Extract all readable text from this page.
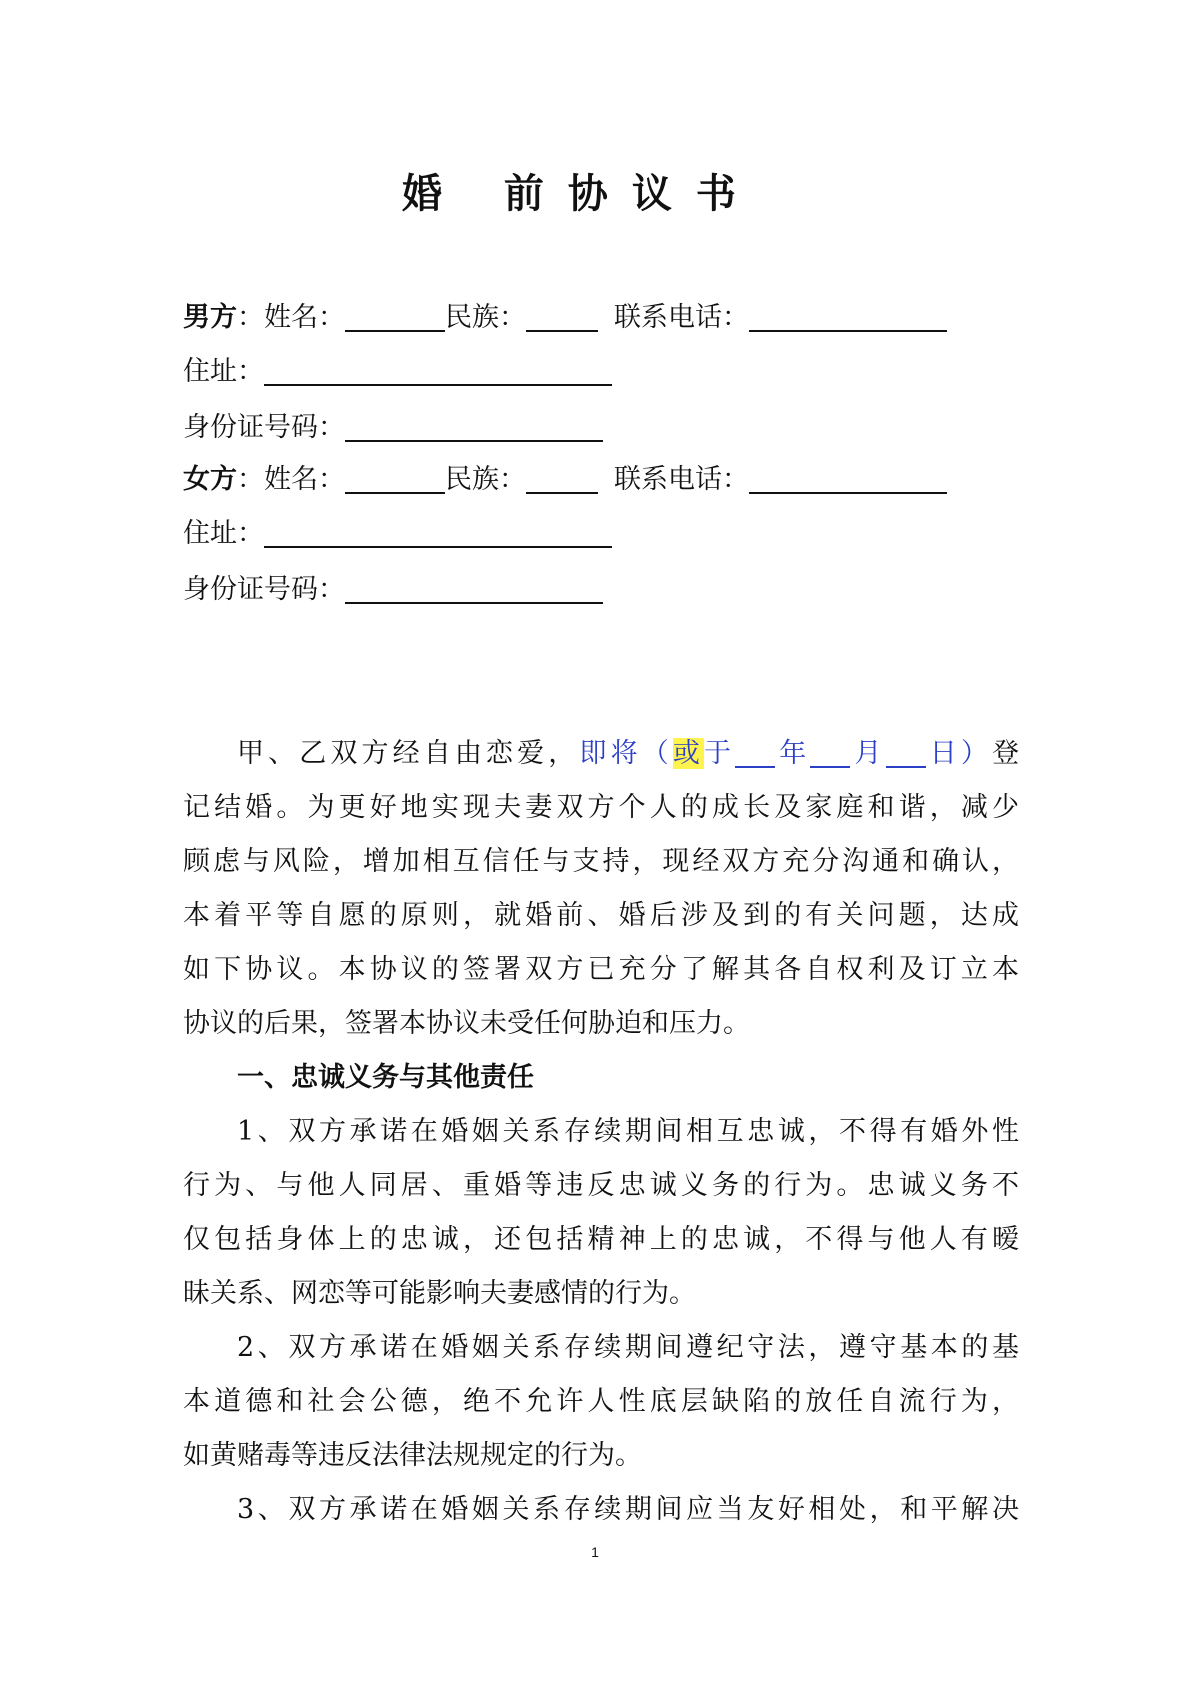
婚 前协议书
男方：姓名：	民族：	联系电话：
住址：
身份证号码：
女方：姓名：	民族：	联系电话：
住址：
身份证号码：
甲、乙双方经自由恋爱，即将（或于 年 月 日）登
记结婚。为更好地实现夫妻双方个人的成长及家庭和谐，减少
顾虑与风险，增加相互信任与支持，现经双方充分沟通和确认，
本着平等自愿的原则，就婚前、婚后涉及到的有关问题，达成
如下协议。本协议的签署双方已充分了解其各自权利及订立本
协议的后果，签署本协议未受任何胁迫和压力。
一、忠诚义务与其他责任
1、双方承诺在婚姻关系存续期间相互忠诚，不得有婚外性
行为、与他人同居、重婚等违反忠诚义务的行为。忠诚义务不
仅包括身体上的忠诚，还包括精神上的忠诚，不得与他人有暧
昧关系、网恋等可能影响夫妻感情的行为。
2、双方承诺在婚姻关系存续期间遵纪守法，遵守基本的基
本道德和社会公德，绝不允许人性底层缺陷的放任自流行为，
如黄赌毒等违反法律法规规定的行为。
3、双方承诺在婚姻关系存续期间应当友好相处，和平解决
1
